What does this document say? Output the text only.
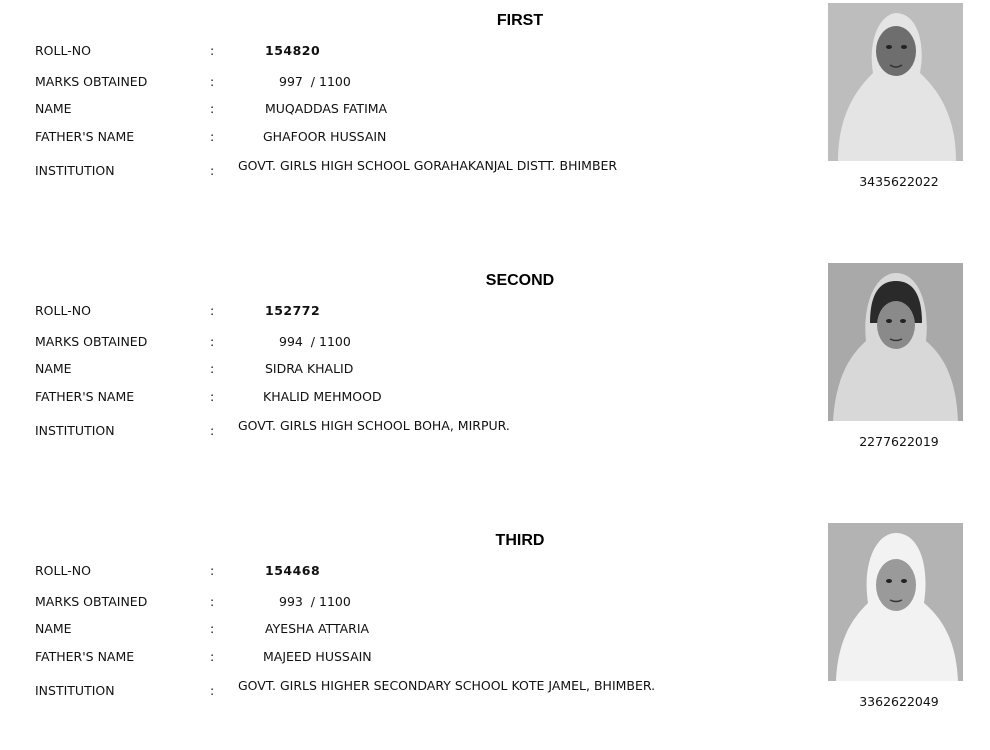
FIRST
ROLL-NO	:	154820
MARKS OBTAINED	:	997  / 1100
NAME	:	MUQADDAS FATIMA
FATHER'S NAME	:	GHAFOOR HUSSAIN
INSTITUTION	: GOVT. GIRLS HIGH SCHOOL GORAHAKANJAL DISTT. BHIMBER
3435622022
SECOND
ROLL-NO	:	152772
MARKS OBTAINED	:	994  / 1100
NAME	:	SIDRA KHALID
FATHER'S NAME	:	KHALID MEHMOOD
INSTITUTION	: GOVT. GIRLS HIGH SCHOOL BOHA, MIRPUR.
2277622019
THIRD
ROLL-NO	:	154468
MARKS OBTAINED	:	993  / 1100
NAME	:	AYESHA ATTARIA
FATHER'S NAME	:	MAJEED HUSSAIN
INSTITUTION	: GOVT. GIRLS HIGHER SECONDARY SCHOOL KOTE JAMEL, BHIMBER.
3362622049
